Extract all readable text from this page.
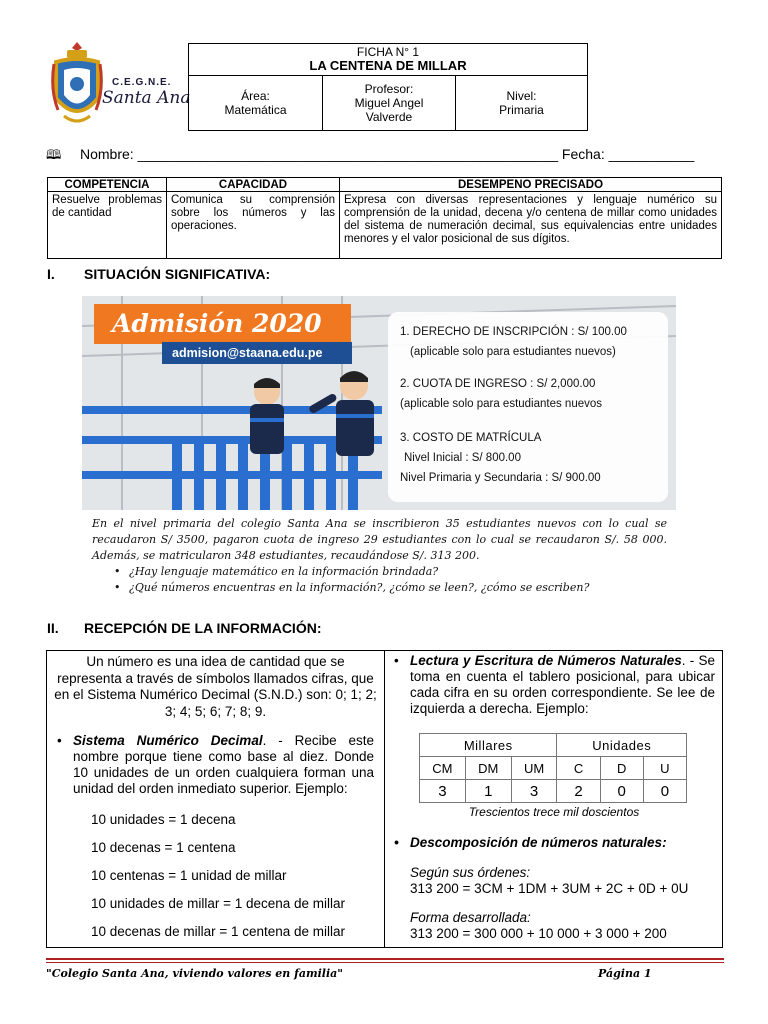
C.E.G.N.E.
Santa Ana
FICHA N° 1
LA CENTENA DE MILLAR
Área:
Matemática
Profesor:
Miguel Angel Valverde
Nivel:
Primaria
🕮 Nombre: ______________________________________________________ Fecha: ___________
COMPETENCIA	CAPACIDAD	DESEMPENO PRECISADO
Resuelve problemas de cantidad	Comunica su comprensión sobre los números y las operaciones.	Expresa con diversas representaciones y lenguaje numérico su comprensión de la unidad, decena y/o centena de millar como unidades del sistema de numeración decimal, sus equivalencias entre unidades menores y el valor posicional de sus dígitos.
I. SITUACIÓN SIGNIFICATIVA:
Admisión 2020
admision@staana.edu.pe
1. DERECHO DE INSCRIPCIÓN : S/ 100.00
(aplicable solo para estudiantes nuevos)
2. CUOTA DE INGRESO : S/ 2,000.00
(aplicable solo para estudiantes nuevos
3. COSTO DE MATRÍCULA
Nivel Inicial : S/ 800.00
Nivel Primaria y Secundaria : S/ 900.00
En el nivel primaria del colegio Santa Ana se inscribieron 35 estudiantes nuevos con lo cual se recaudaron S/ 3500, pagaron cuota de ingreso 29 estudiantes con lo cual se recaudaron S/. 58 000. Además, se matricularon 348 estudiantes, recaudándose S/. 313 200.
• ¿Hay lenguaje matemático en la información brindada?
• ¿Qué números encuentras en la información?, ¿cómo se leen?, ¿cómo se escriben?
II. RECEPCIÓN DE LA INFORMACIÓN:
Un número es una idea de cantidad que se representa a través de símbolos llamados cifras, que en el Sistema Numérico Decimal (S.N.D.) son: 0; 1; 2; 3; 4; 5; 6; 7; 8; 9.
• Sistema Numérico Decimal. - Recibe este nombre porque tiene como base al diez. Donde 10 unidades de un orden cualquiera forman una unidad del orden inmediato superior. Ejemplo:
10 unidades = 1 decena
10 decenas = 1 centena
10 centenas = 1 unidad de millar
10 unidades de millar = 1 decena de millar
10 decenas de millar = 1 centena de millar
• Lectura y Escritura de Números Naturales. - Se toma en cuenta el tablero posicional, para ubicar cada cifra en su orden correspondiente. Se lee de izquierda a derecha. Ejemplo:
Millares			Unidades		
CM	DM	UM	C	D	U
3	1	3	2	0	0
Trescientos trece mil doscientos
• Descomposición de números naturales:
Según sus órdenes:
313 200 = 3CM + 1DM + 3UM + 2C + 0D + 0U
Forma desarrollada:
313 200 = 300 000 + 10 000 + 3 000 + 200
"Colegio Santa Ana, viviendo valores en familia"	Página 1
